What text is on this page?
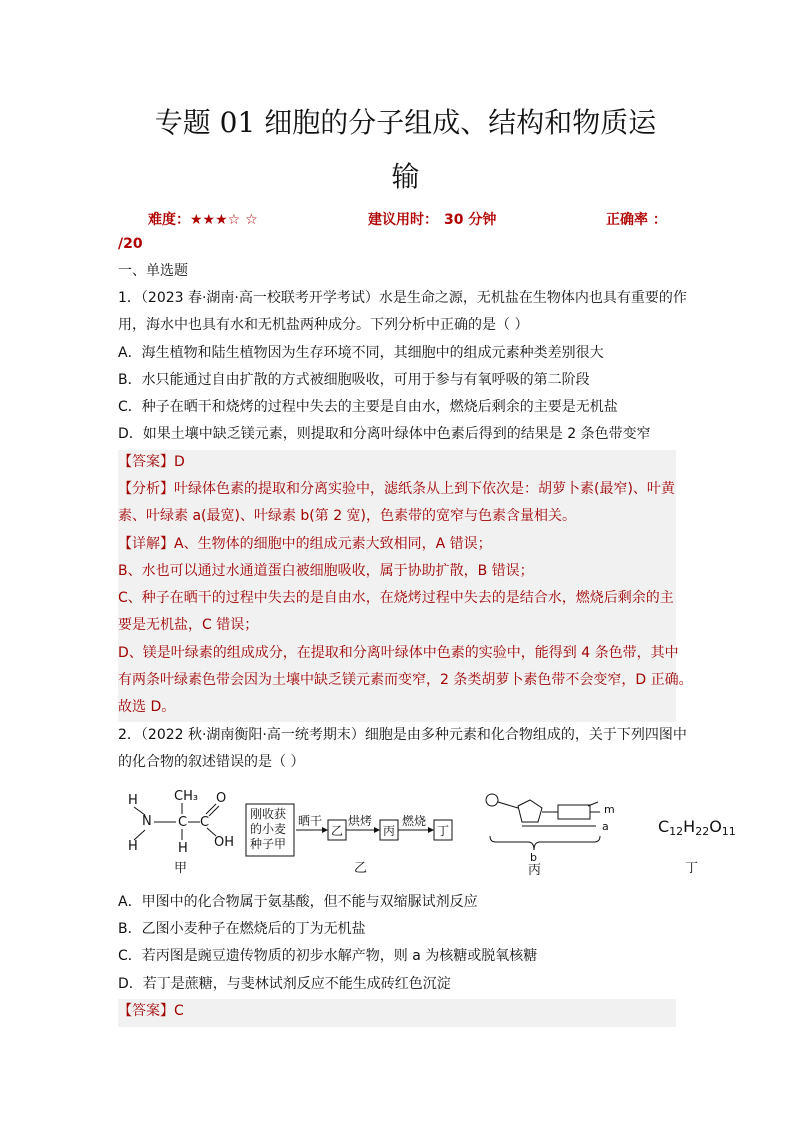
专题 01 细胞的分子组成、结构和物质运
输
难度：★★★☆ ☆	建议用时： 30 分钟	正确率 ：
/20
一、单选题
1．（2023 春·湖南·高一校联考开学考试）水是生命之源，无机盐在生物体内也具有重要的作
用，海水中也具有水和无机盐两种成分。下列分析中正确的是（ ）
A．海生植物和陆生植物因为生存环境不同，其细胞中的组成元素种类差别很大
B．水只能通过自由扩散的方式被细胞吸收，可用于参与有氧呼吸的第二阶段
C．种子在晒干和烧烤的过程中失去的主要是自由水，燃烧后剩余的主要是无机盐
D．如果土壤中缺乏镁元素，则提取和分离叶绿体中色素后得到的结果是 2 条色带变窄
【答案】D
【分析】叶绿体色素的提取和分离实验中，滤纸条从上到下依次是：胡萝卜素(最窄)、叶黄
素、叶绿素 a(最宽)、叶绿素 b(第 2 宽)，色素带的宽窄与色素含量相关。
【详解】A、生物体的细胞中的组成元素大致相同，A 错误；
B、水也可以通过水通道蛋白被细胞吸收，属于协助扩散，B 错误；
C、种子在晒干的过程中失去的是自由水，在烧烤过程中失去的是结合水，燃烧后剩余的主
要是无机盐，C 错误；
D、镁是叶绿素的组成成分，在提取和分离叶绿体中色素的实验中，能得到 4 条色带，其中
有两条叶绿素色带会因为土壤中缺乏镁元素而变窄，2 条类胡萝卜素色带不会变窄，D 正确。
故选 D。
2．（2022 秋·湖南衡阳·高一统考期末）细胞是由多种元素和化合物组成的，关于下列四图中
的化合物的叙述错误的是（ ）
H
N
H
CH₃
C
H
C
O
OH
甲
刚收获
的小麦
种子甲
晒干
乙
烘烤
丙
燃烧
丁
乙
m
a
b
丙
C12H22O11
丁
A．甲图中的化合物属于氨基酸，但不能与双缩脲试剂反应
B．乙图小麦种子在燃烧后的丁为无机盐
C．若丙图是豌豆遗传物质的初步水解产物，则 a 为核糖或脱氧核糖
D．若丁是蔗糖，与斐林试剂反应不能生成砖红色沉淀
【答案】C
